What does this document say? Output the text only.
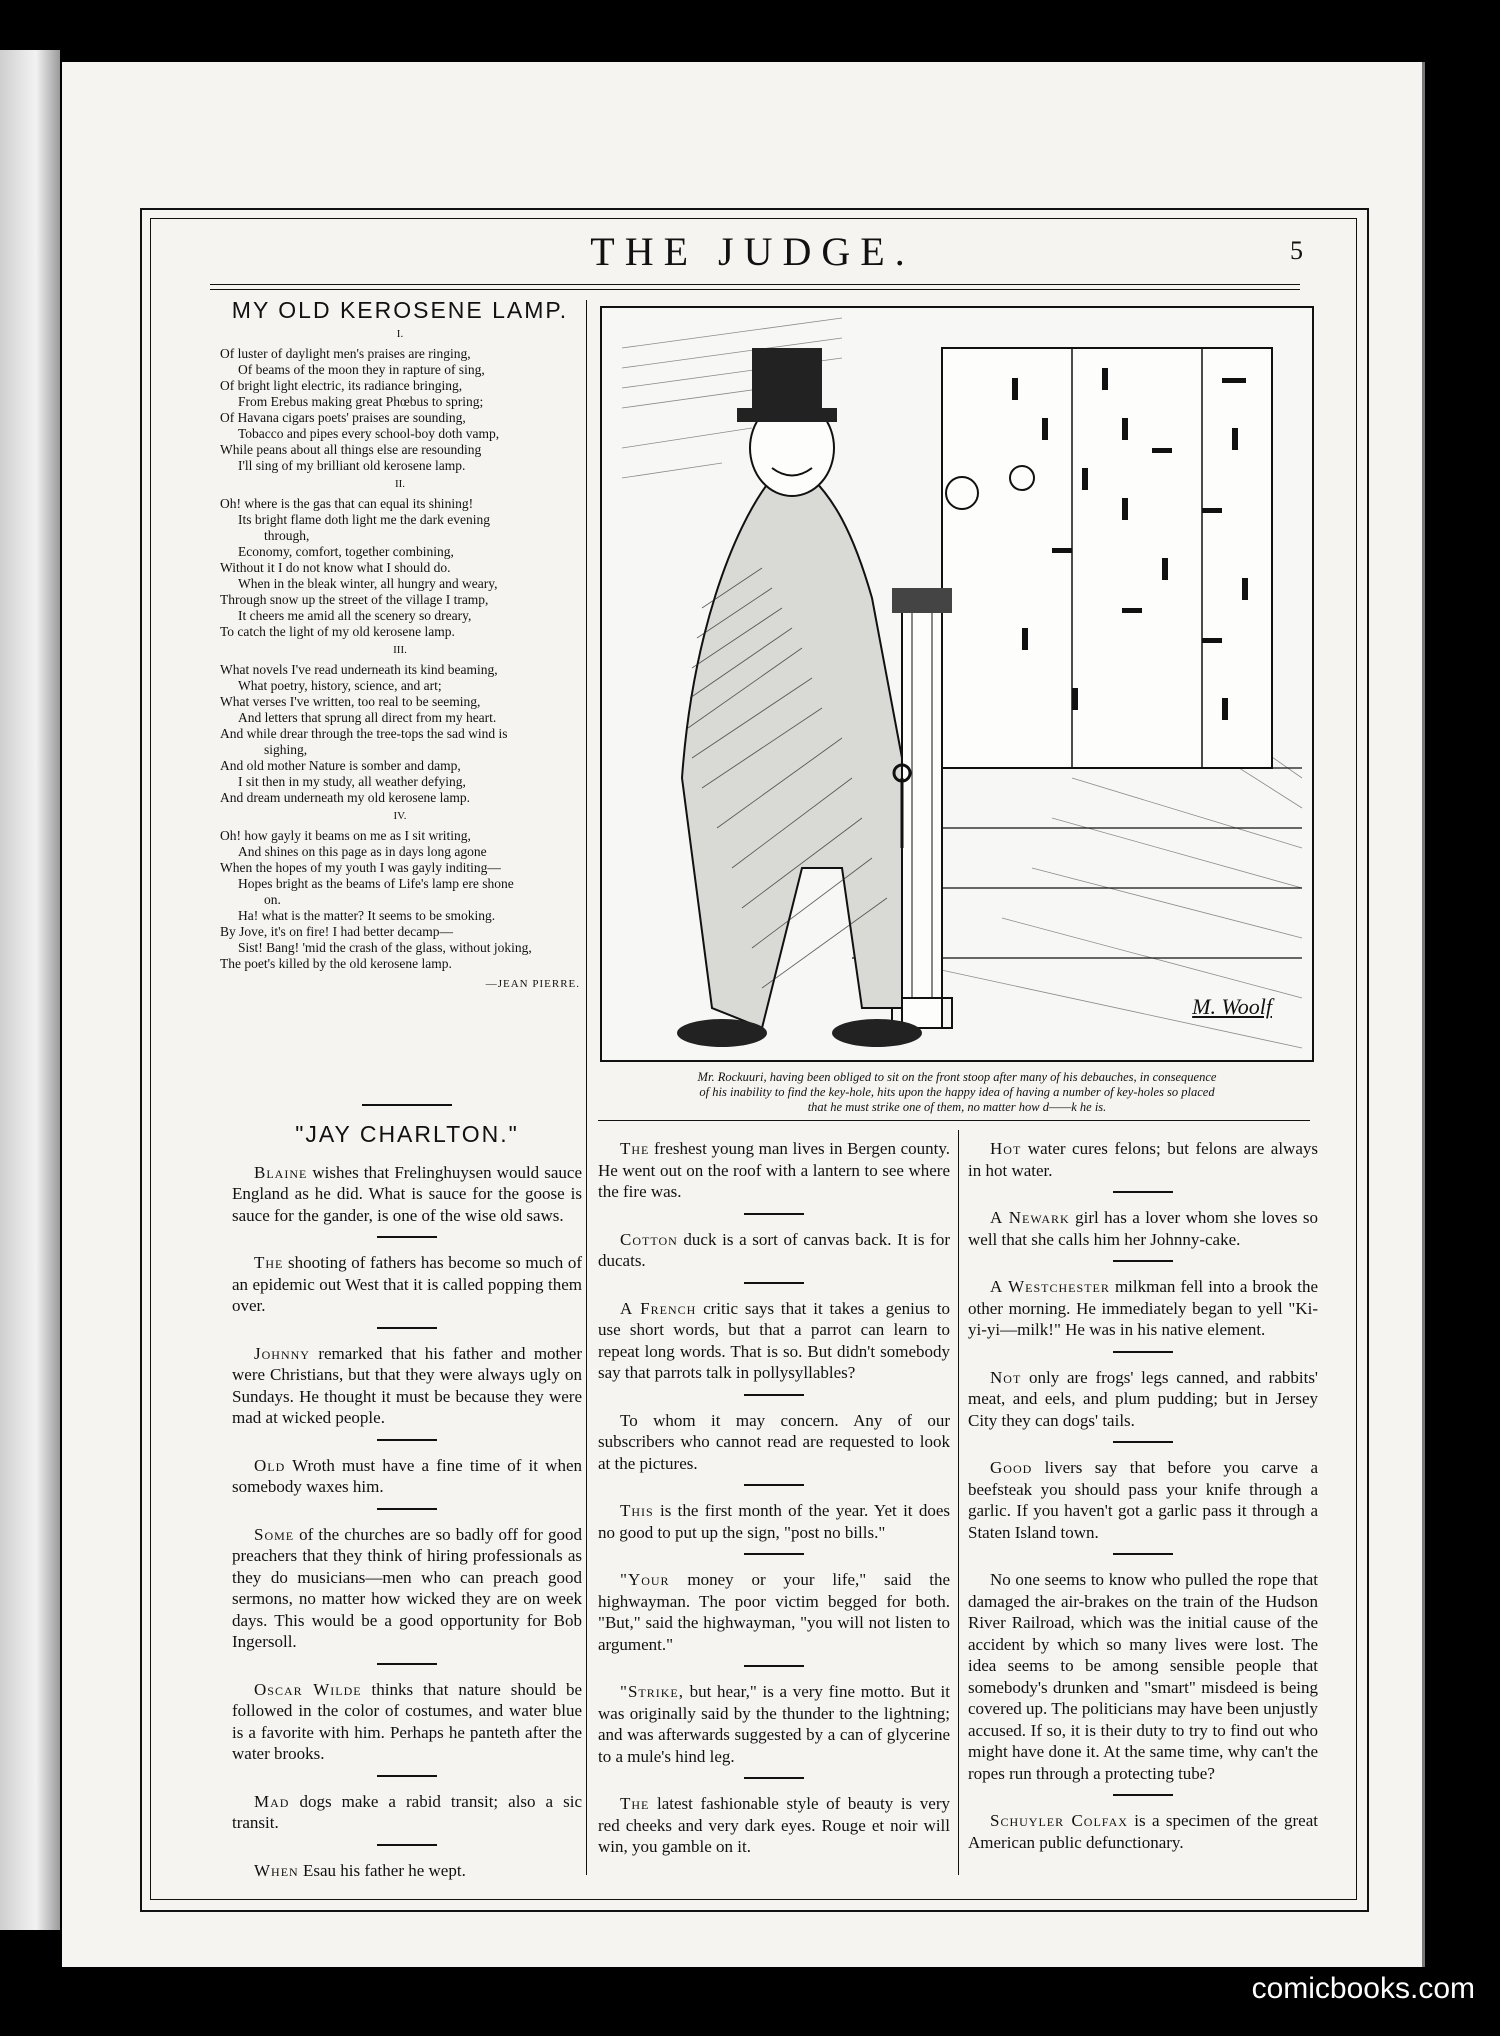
THE JUDGE.	5
MY OLD KEROSENE LAMP.
I.
Of luster of daylight men's praises are ringing,
Of beams of the moon they in rapture of sing,
Of bright light electric, its radiance bringing,
From Erebus making great Phœbus to spring;
Of Havana cigars poets' praises are sounding,
Tobacco and pipes every school-boy doth vamp,
While peans about all things else are resounding
I'll sing of my brilliant old kerosene lamp.
II.
Oh! where is the gas that can equal its shining!
Its bright flame doth light me the dark evening
through,
Economy, comfort, together combining,
Without it I do not know what I should do.
When in the bleak winter, all hungry and weary,
Through snow up the street of the village I tramp,
It cheers me amid all the scenery so dreary,
To catch the light of my old kerosene lamp.
III.
What novels I've read underneath its kind beaming,
What poetry, history, science, and art;
What verses I've written, too real to be seeming,
And letters that sprung all direct from my heart.
And while drear through the tree-tops the sad wind is
sighing,
And old mother Nature is somber and damp,
I sit then in my study, all weather defying,
And dream underneath my old kerosene lamp.
IV.
Oh! how gayly it beams on me as I sit writing,
And shines on this page as in days long agone
When the hopes of my youth I was gayly inditing—
Hopes bright as the beams of Life's lamp ere shone
on.
Ha! what is the matter? It seems to be smoking.
By Jove, it's on fire! I had better decamp—
Sist! Bang! 'mid the crash of the glass, without joking,
The poet's killed by the old kerosene lamp.
—JEAN PIERRE.
"JAY CHARLTON."

Blaine wishes that Frelinghuysen would sauce England as he did. What is sauce for the goose is sauce for the gander, is one of the wise old saws.

The shooting of fathers has become so much of an epidemic out West that it is called popping them over.

Johnny remarked that his father and mother were Christians, but that they were always ugly on Sundays. He thought it must be because they were mad at wicked people.

Old Wroth must have a fine time of it when somebody waxes him.

Some of the churches are so badly off for good preachers that they think of hiring professionals as they do musicians—men who can preach good sermons, no matter how wicked they are on week days. This would be a good opportunity for Bob Ingersoll.

Oscar Wilde thinks that nature should be followed in the color of costumes, and water blue is a favorite with him. Perhaps he panteth after the water brooks.

Mad dogs make a rabid transit; also a sic transit.

When Esau his father he wept.

M. Woolf
Mr. Rockuuri, having been obliged to sit on the front stoop after many of his debauches, in consequence
of his inability to find the key-hole, hits upon the happy idea of having a number of key-holes so placed
that he must strike one of them, no matter how d——k he is.

The freshest young man lives in Bergen county. He went out on the roof with a lantern to see where the fire was.

Cotton duck is a sort of canvas back. It is for ducats.

A French critic says that it takes a genius to use short words, but that a parrot can learn to repeat long words. That is so. But didn't somebody say that parrots talk in pollysyllables?

To whom it may concern. Any of our subscribers who cannot read are requested to look at the pictures.

This is the first month of the year. Yet it does no good to put up the sign, "post no bills."

"Your money or your life," said the highwayman. The poor victim begged for both. "But," said the highwayman, "you will not listen to argument."

"Strike, but hear," is a very fine motto. But it was originally said by the thunder to the lightning; and was afterwards suggested by a can of glycerine to a mule's hind leg.

The latest fashionable style of beauty is very red cheeks and very dark eyes. Rouge et noir will win, you gamble on it.

Hot water cures felons; but felons are always in hot water.

A Newark girl has a lover whom she loves so well that she calls him her Johnny-cake.

A Westchester milkman fell into a brook the other morning. He immediately began to yell "Ki-yi-yi—milk!" He was in his native element.

Not only are frogs' legs canned, and rabbits' meat, and eels, and plum pudding; but in Jersey City they can dogs' tails.

Good livers say that before you carve a beefsteak you should pass your knife through a garlic. If you haven't got a garlic pass it through a Staten Island town.

No one seems to know who pulled the rope that damaged the air-brakes on the train of the Hudson River Railroad, which was the initial cause of the accident by which so many lives were lost. The idea seems to be among sensible people that somebody's drunken and "smart" misdeed is being covered up. The politicians may have been unjustly accused. If so, it is their duty to try to find out who might have done it. At the same time, why can't the ropes run through a protecting tube?

Schuyler Colfax is a specimen of the great American public defunctionary.

comicbooks.com
